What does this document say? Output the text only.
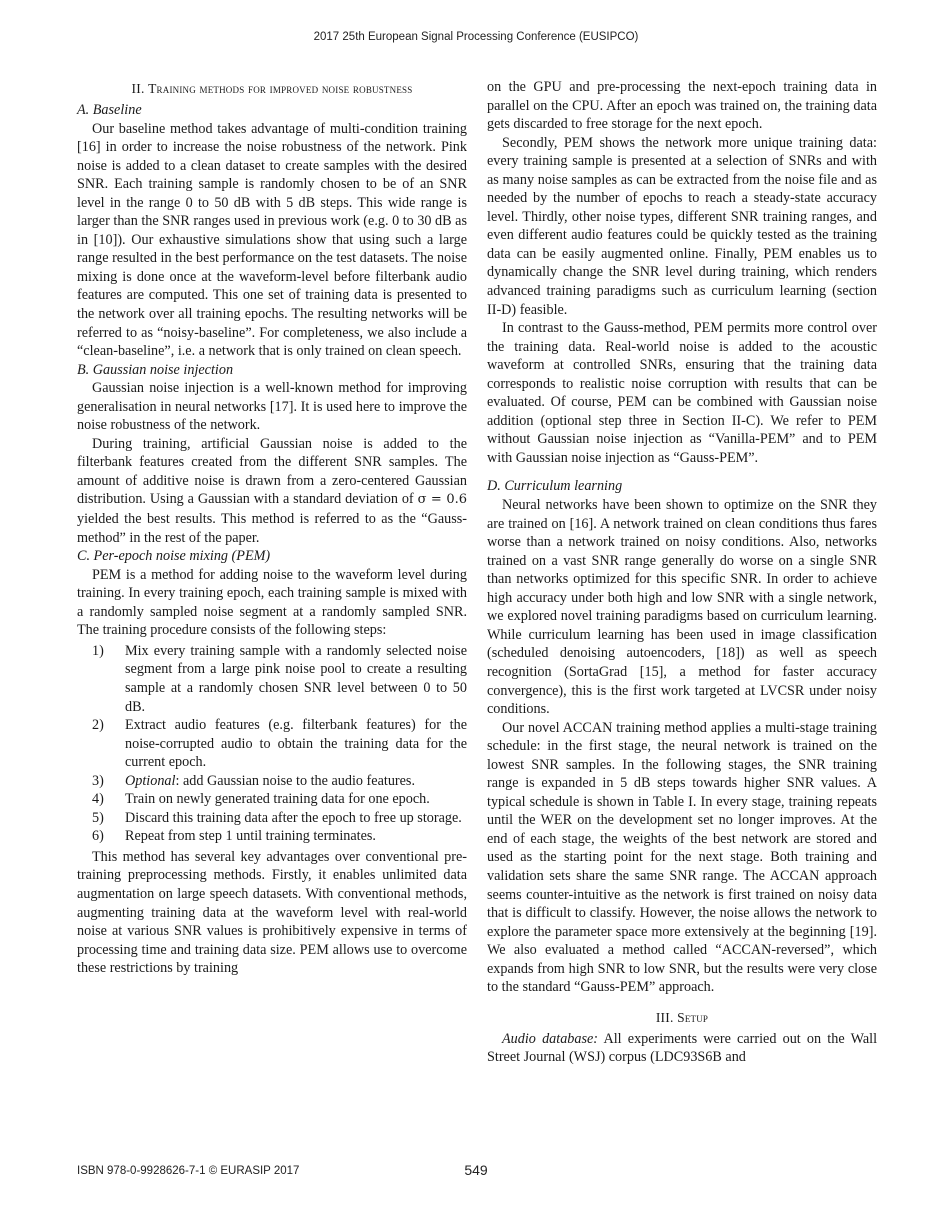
2017 25th European Signal Processing Conference (EUSIPCO)
II. Training methods for improved noise robustness

A. Baseline

Our baseline method takes advantage of multi-condition training [16] in order to increase the noise robustness of the network. Pink noise is added to a clean dataset to create samples with the desired SNR. Each training sample is randomly chosen to be of an SNR level in the range 0 to 50 dB with 5 dB steps. This wide range is larger than the SNR ranges used in previous work (e.g. 0 to 30 dB as in [10]). Our exhaustive simulations show that using such a large range resulted in the best performance on the test datasets. The noise mixing is done once at the waveform-level before filterbank audio features are computed. This one set of training data is presented to the network over all training epochs. The resulting networks will be referred to as “noisy-baseline”. For completeness, we also include a “clean-baseline”, i.e. a network that is only trained on clean speech.

B. Gaussian noise injection

Gaussian noise injection is a well-known method for improving generalisation in neural networks [17]. It is used here to improve the noise robustness of the network.

During training, artificial Gaussian noise is added to the filterbank features created from the different SNR samples. The amount of additive noise is drawn from a zero-centered Gaussian distribution. Using a Gaussian with a standard deviation of σ = 0.6 yielded the best results. This method is referred to as the “Gauss-method” in the rest of the paper.

C. Per-epoch noise mixing (PEM)

PEM is a method for adding noise to the waveform level during training. In every training epoch, each training sample is mixed with a randomly sampled noise segment at a randomly sampled SNR. The training procedure consists of the following steps:

1) Mix every training sample with a randomly selected noise segment from a large pink noise pool to create a resulting sample at a randomly chosen SNR level between 0 to 50 dB.
2) Extract audio features (e.g. filterbank features) for the noise-corrupted audio to obtain the training data for the current epoch.
3) Optional: add Gaussian noise to the audio features.
4) Train on newly generated training data for one epoch.
5) Discard this training data after the epoch to free up storage.
6) Repeat from step 1 until training terminates.

This method has several key advantages over conventional pre-training preprocessing methods. Firstly, it enables unlimited data augmentation on large speech datasets. With conventional methods, augmenting training data at the waveform level with real-world noise at various SNR values is prohibitively expensive in terms of processing time and training data size. PEM allows use to overcome these restrictions by training

on the GPU and pre-processing the next-epoch training data in parallel on the CPU. After an epoch was trained on, the training data gets discarded to free storage for the next epoch.

Secondly, PEM shows the network more unique training data: every training sample is presented at a selection of SNRs and with as many noise samples as can be extracted from the noise file and as needed by the number of epochs to reach a steady-state accuracy level. Thirdly, other noise types, different SNR training ranges, and even different audio features could be quickly tested as the training data can be easily augmented online. Finally, PEM enables us to dynamically change the SNR level during training, which renders advanced training paradigms such as curriculum learning (section II-D) feasible.

In contrast to the Gauss-method, PEM permits more control over the training data. Real-world noise is added to the acoustic waveform at controlled SNRs, ensuring that the training data corresponds to realistic noise corruption with results that can be evaluated. Of course, PEM can be combined with Gaussian noise addition (optional step three in Section II-C). We refer to PEM without Gaussian noise injection as “Vanilla-PEM” and to PEM with Gaussian noise injection as “Gauss-PEM”.

D. Curriculum learning

Neural networks have been shown to optimize on the SNR they are trained on [16]. A network trained on clean conditions thus fares worse than a network trained on noisy conditions. Also, networks trained on a vast SNR range generally do worse on a single SNR than networks optimized for this specific SNR. In order to achieve high accuracy under both high and low SNR with a single network, we explored novel training paradigms based on curriculum learning. While curriculum learning has been used in image classification (scheduled denoising autoencoders, [18]) as well as speech recognition (SortaGrad [15], a method for faster accuracy convergence), this is the first work targeted at LVCSR under noisy conditions.

Our novel ACCAN training method applies a multi-stage training schedule: in the first stage, the neural network is trained on the lowest SNR samples. In the following stages, the SNR training range is expanded in 5 dB steps towards higher SNR values. A typical schedule is shown in Table I. In every stage, training repeats until the WER on the development set no longer improves. At the end of each stage, the weights of the best network are stored and used as the starting point for the next stage. Both training and validation sets share the same SNR range. The ACCAN approach seems counter-intuitive as the network is first trained on noisy data that is difficult to classify. However, the noise allows the network to explore the parameter space more extensively at the beginning [19]. We also evaluated a method called “ACCAN-reversed”, which expands from high SNR to low SNR, but the results were very close to the standard “Gauss-PEM” approach.

III. Setup

Audio database: All experiments were carried out on the Wall Street Journal (WSJ) corpus (LDC93S6B and

ISBN 978-0-9928626-7-1 © EURASIP 2017	549
